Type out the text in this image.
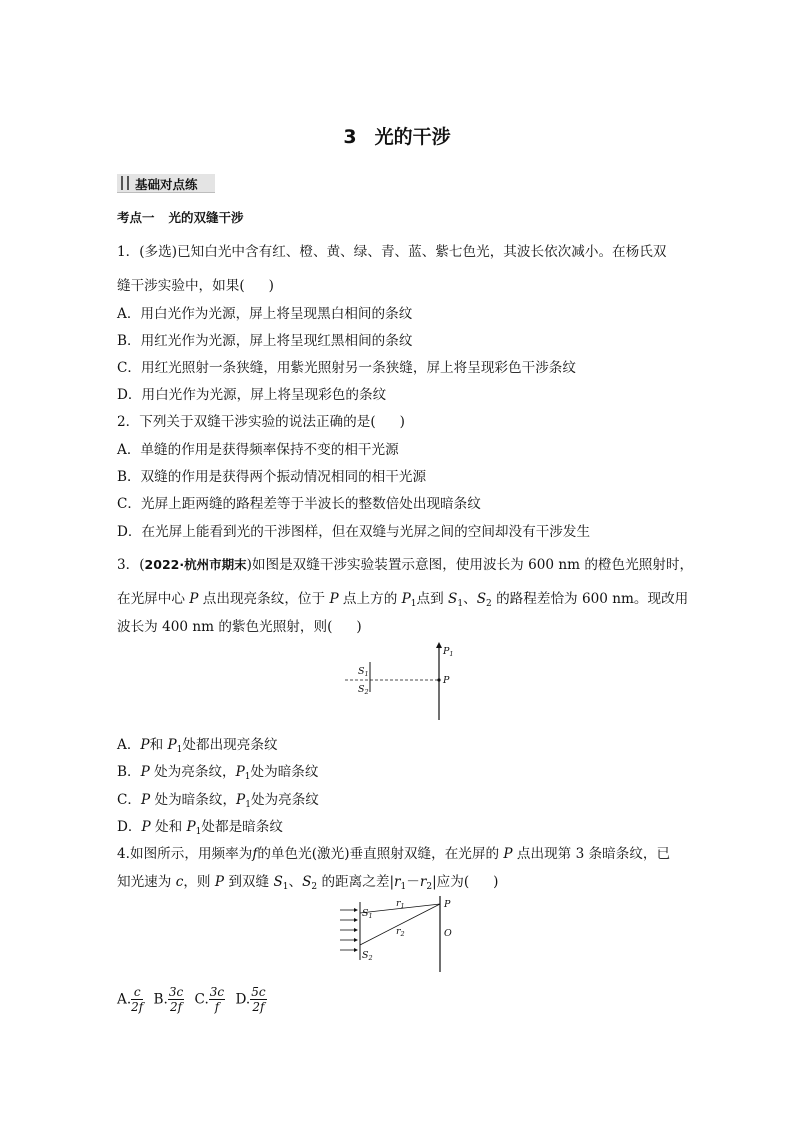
3 光的干涉
基础对点练
考点一 光的双缝干涉
1．(多选)已知白光中含有红、橙、黄、绿、青、蓝、紫七色光，其波长依次减小。在杨氏双
缝干涉实验中，如果( )
A．用白光作为光源，屏上将呈现黑白相间的条纹
B．用红光作为光源，屏上将呈现红黑相间的条纹
C．用红光照射一条狭缝，用紫光照射另一条狭缝，屏上将呈现彩色干涉条纹
D．用白光作为光源，屏上将呈现彩色的条纹
2．下列关于双缝干涉实验的说法正确的是( )
A．单缝的作用是获得频率保持不变的相干光源
B．双缝的作用是获得两个振动情况相同的相干光源
C．光屏上距两缝的路程差等于半波长的整数倍处出现暗条纹
D．在光屏上能看到光的干涉图样，但在双缝与光屏之间的空间却没有干涉发生
3．(2022·杭州市期末)如图是双缝干涉实验装置示意图，使用波长为 600 nm 的橙色光照射时，
在光屏中心 P 点出现亮条纹，位于 P 点上方的 $P_1$点到 $S_1$、$S_2$ 的路程差恰为 600 nm。现改用
波长为 400 nm 的紫色光照射，则( )
$S_1$
$S_2$
P
$P_1$
A．P和 $P_1$处都出现亮条纹
B．P 处为亮条纹，$P_1$处为暗条纹
C．P 处为暗条纹，$P_1$处为亮条纹
D．P 处和 $P_1$处都是暗条纹
4.如图所示，用频率为f的单色光(激光)垂直照射双缝，在光屏的 P 点出现第 3 条暗条纹，已
知光速为 c，则 P 到双缝 $S_1$、$S_2$ 的距离之差$|r_1-r_2|$应为( )
$S_1$
$S_2$
$r_1$
$r_2$
P
O
A. $\frac{c}{2f} B$. $\frac{3c}{2f} C$. $\frac{3c}{f} D$. $\frac{5c}{2f}$
